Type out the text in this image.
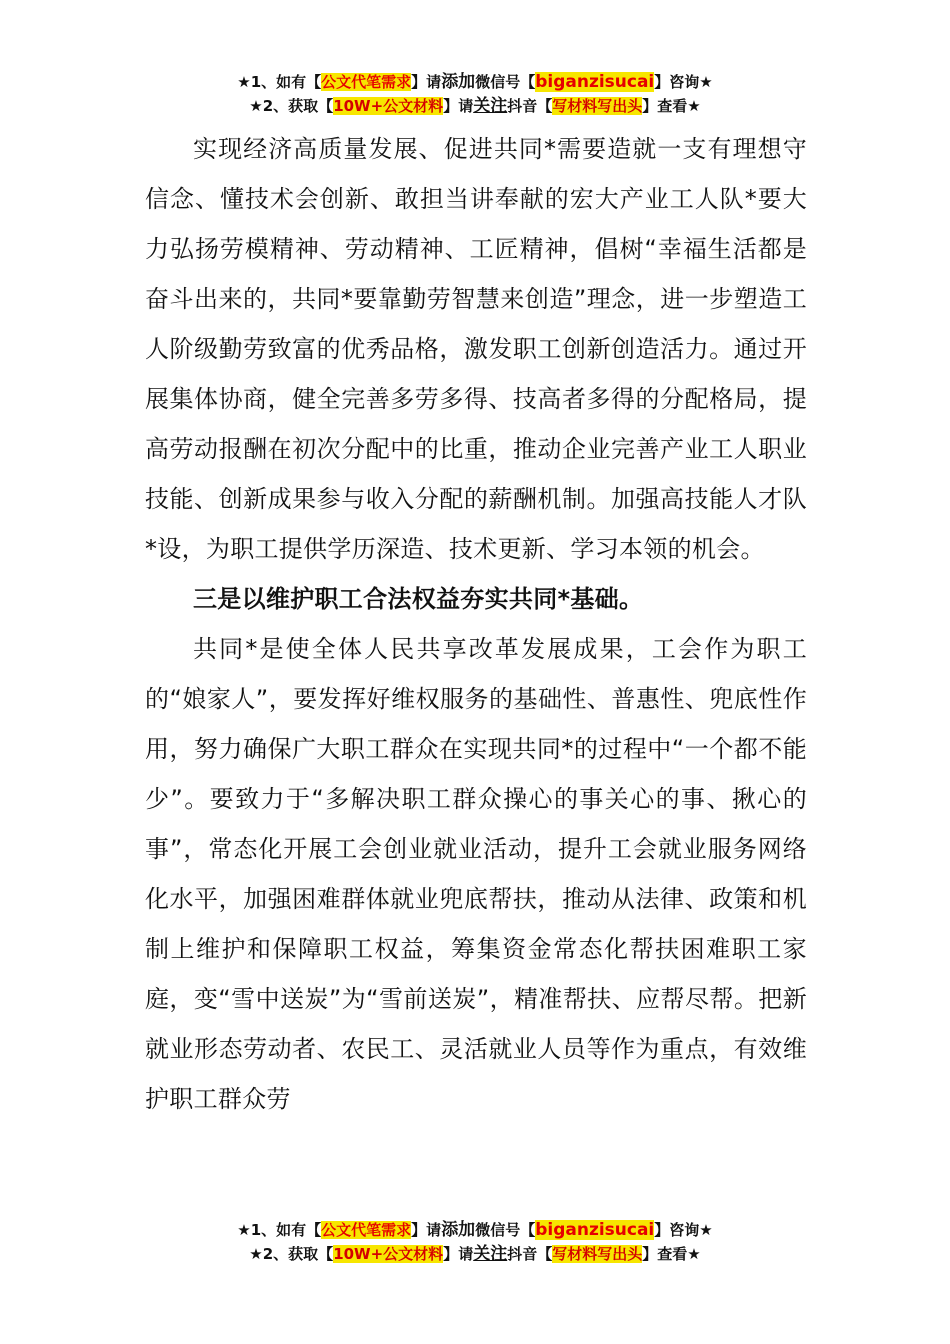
★1、如有【公文代笔需求】请添加微信号【biganzisucai】咨询★
★2、获取【10W+公文材料】请关注抖音【写材料写出头】查看★

实现经济高质量发展、促进共同*需要造就一支有理想守信念、懂技术会创新、敢担当讲奉献的宏大产业工人队*要大力弘扬劳模精神、劳动精神、工匠精神，倡树“幸福生活都是奋斗出来的，共同*要靠勤劳智慧来创造”理念，进一步塑造工人阶级勤劳致富的优秀品格，激发职工创新创造活力。通过开展集体协商，健全完善多劳多得、技高者多得的分配格局，提高劳动报酬在初次分配中的比重，推动企业完善产业工人职业技能、创新成果参与收入分配的薪酬机制。加强高技能人才队*设，为职工提供学历深造、技术更新、学习本领的机会。

三是以维护职工合法权益夯实共同*基础。

共同*是使全体人民共享改革发展成果，工会作为职工的“娘家人”，要发挥好维权服务的基础性、普惠性、兜底性作用，努力确保广大职工群众在实现共同*的过程中“一个都不能少”。要致力于“多解决职工群众操心的事关心的事、揪心的事”，常态化开展工会创业就业活动，提升工会就业服务网络化水平，加强困难群体就业兜底帮扶，推动从法律、政策和机制上维护和保障职工权益，筹集资金常态化帮扶困难职工家庭，变“雪中送炭”为“雪前送炭”，精准帮扶、应帮尽帮。把新就业形态劳动者、农民工、灵活就业人员等作为重点，有效维护职工群众劳

★1、如有【公文代笔需求】请添加微信号【biganzisucai】咨询★
★2、获取【10W+公文材料】请关注抖音【写材料写出头】查看★
